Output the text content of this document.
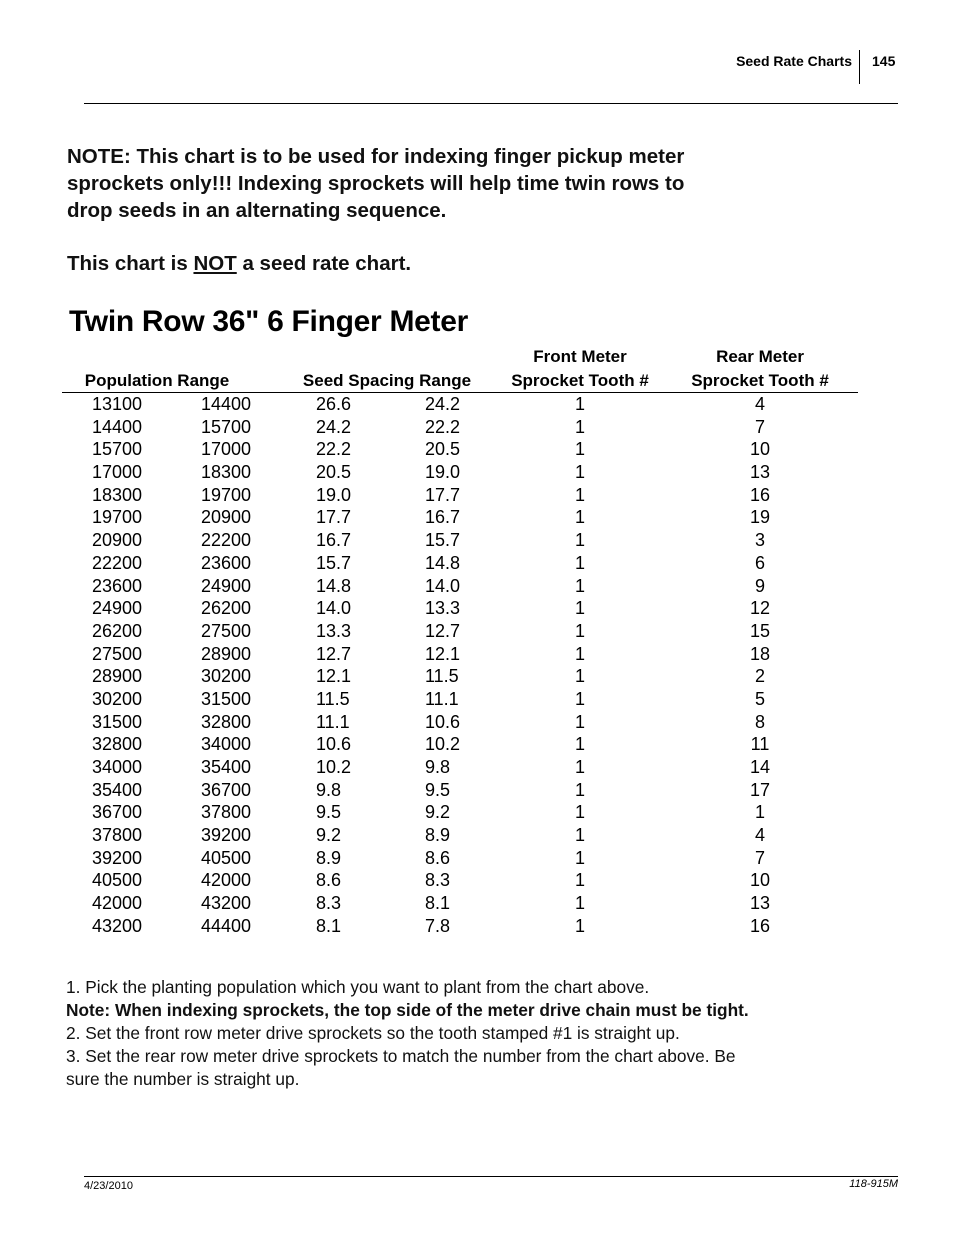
Seed Rate Charts 145

NOTE: This chart is to be used for indexing finger pickup meter

sprockets only!!! Indexing sprockets will help time twin rows to

drop seeds in an alternating sequence.

This chart is NOT a seed rate chart.
Twin Row 36" 6 Finger Meter
Population Range	Seed Spacing Range
Front Meter
Sprocket Tooth #
Rear Meter
Sprocket Tooth #
13100	14400	26.6	24.2	1	4
14400	15700	24.2	22.2	1	7
15700	17000	22.2	20.5	1	10
17000	18300	20.5	19.0	1	13
18300	19700	19.0	17.7	1	16
19700	20900	17.7	16.7	1	19
20900	22200	16.7	15.7	1	3
22200	23600	15.7	14.8	1	6
23600	24900	14.8	14.0	1	9
24900	26200	14.0	13.3	1	12
26200	27500	13.3	12.7	1	15
27500	28900	12.7	12.1	1	18
28900	30200	12.1	11.5	1	2
30200	31500	11.5	11.1	1	5
31500	32800	11.1	10.6	1	8
32800	34000	10.6	10.2	1	11
34000	35400	10.2	9.8	1	14
35400	36700	9.8	9.5	1	17
36700	37800	9.5	9.2	1	1
37800	39200	9.2	8.9	1	4
39200	40500	8.9	8.6	1	7
40500	42000	8.6	8.3	1	10
42000	43200	8.3	8.1	1	13
43200	44400	8.1	7.8	1	16

1. Pick the planting population which you want to plant from the chart above.

Note: When indexing sprockets, the top side of the meter drive chain must be tight.

2. Set the front row meter drive sprockets so the tooth stamped #1 is straight up.

3. Set the rear row meter drive sprockets to match the number from the chart above. Be

sure the number is straight up.

4/23/2010	118-915M
